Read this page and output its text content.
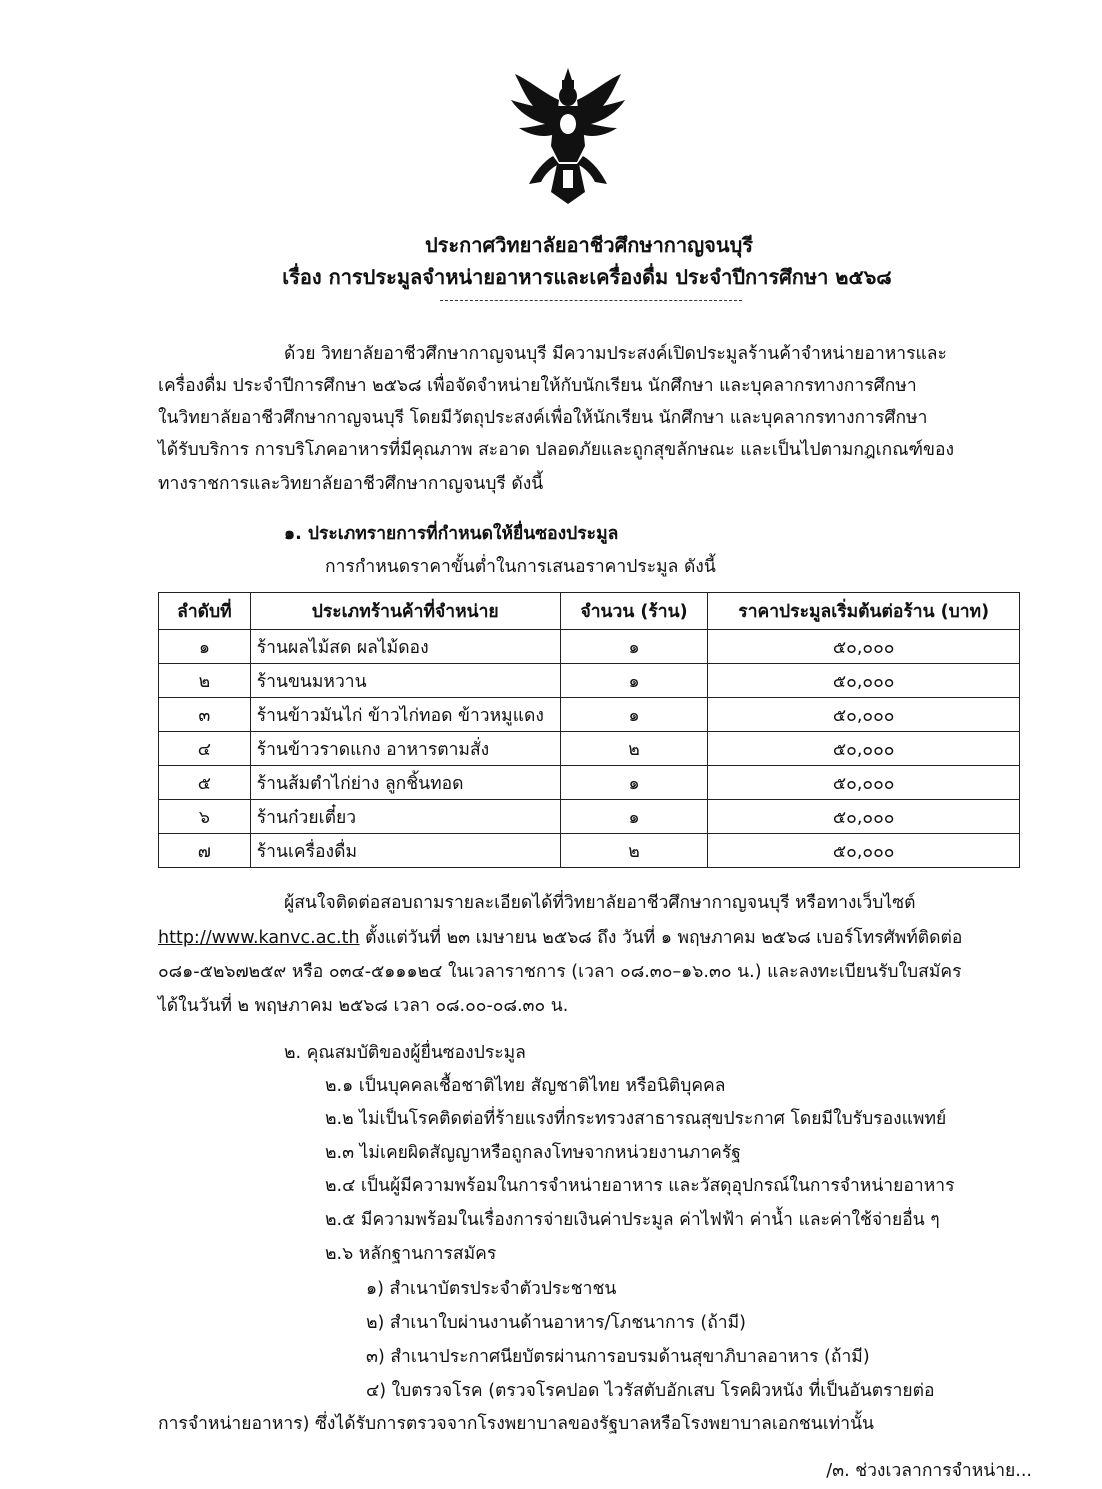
ประกาศวิทยาลัยอาชีวศึกษากาญจนบุรี
เรื่อง การประมูลจำหน่ายอาหารและเครื่องดื่ม ประจำปีการศึกษา ๒๕๖๘
ด้วย วิทยาลัยอาชีวศึกษากาญจนบุรี มีความประสงค์เปิดประมูลร้านค้าจำหน่ายอาหารและ
เครื่องดื่ม ประจำปีการศึกษา ๒๕๖๘ เพื่อจัดจำหน่ายให้กับนักเรียน นักศึกษา และบุคลากรทางการศึกษา
ในวิทยาลัยอาชีวศึกษากาญจนบุรี โดยมีวัตถุประสงค์เพื่อให้นักเรียน นักศึกษา และบุคลากรทางการศึกษา
ได้รับบริการ การบริโภคอาหารที่มีคุณภาพ สะอาด ปลอดภัยและถูกสุขลักษณะ และเป็นไปตามกฎเกณฑ์ของ
ทางราชการและวิทยาลัยอาชีวศึกษากาญจนบุรี ดังนี้
๑. ประเภทรายการที่กำหนดให้ยื่นซองประมูล
การกำหนดราคาขั้นต่ำในการเสนอราคาประมูล ดังนี้
ลำดับที่	ประเภทร้านค้าที่จำหน่าย	จำนวน (ร้าน)	ราคาประมูลเริ่มต้นต่อร้าน (บาท)
๑	ร้านผลไม้สด ผลไม้ดอง	๑	๕๐,๐๐๐
๒	ร้านขนมหวาน	๑	๕๐,๐๐๐
๓	ร้านข้าวมันไก่ ข้าวไก่ทอด ข้าวหมูแดง	๑	๕๐,๐๐๐
๔	ร้านข้าวราดแกง อาหารตามสั่ง	๒	๕๐,๐๐๐
๕	ร้านส้มตำไก่ย่าง ลูกชิ้นทอด	๑	๕๐,๐๐๐
๖	ร้านก๋วยเตี๋ยว	๑	๕๐,๐๐๐
๗	ร้านเครื่องดื่ม	๒	๕๐,๐๐๐
ผู้สนใจติดต่อสอบถามรายละเอียดได้ที่วิทยาลัยอาชีวศึกษากาญจนบุรี หรือทางเว็บไซต์
http://www.kanvc.ac.th ตั้งแต่วันที่ ๒๓ เมษายน ๒๕๖๘ ถึง วันที่ ๑ พฤษภาคม ๒๕๖๘ เบอร์โทรศัพท์ติดต่อ
๐๘๑-๕๒๖๗๒๕๙ หรือ ๐๓๔-๕๑๑๑๒๔ ในเวลาราชการ (เวลา ๐๘.๓๐–๑๖.๓๐ น.) และลงทะเบียนรับใบสมัคร
ได้ในวันที่ ๒ พฤษภาคม ๒๕๖๘ เวลา ๐๘.๐๐-๐๘.๓๐ น.
๒. คุณสมบัติของผู้ยื่นซองประมูล
๒.๑ เป็นบุคคลเชื้อชาติไทย สัญชาติไทย หรือนิติบุคคล
๒.๒ ไม่เป็นโรคติดต่อที่ร้ายแรงที่กระทรวงสาธารณสุขประกาศ โดยมีใบรับรองแพทย์
๒.๓ ไม่เคยผิดสัญญาหรือถูกลงโทษจากหน่วยงานภาครัฐ
๒.๔ เป็นผู้มีความพร้อมในการจำหน่ายอาหาร และวัสดุอุปกรณ์ในการจำหน่ายอาหาร
๒.๕ มีความพร้อมในเรื่องการจ่ายเงินค่าประมูล ค่าไฟฟ้า ค่าน้ำ และค่าใช้จ่ายอื่น ๆ
๒.๖ หลักฐานการสมัคร
๑) สำเนาบัตรประจำตัวประชาชน
๒) สำเนาใบผ่านงานด้านอาหาร/โภชนาการ (ถ้ามี)
๓) สำเนาประกาศนียบัตรผ่านการอบรมด้านสุขาภิบาลอาหาร (ถ้ามี)
๔) ใบตรวจโรค (ตรวจโรคปอด ไวรัสตับอักเสบ โรคผิวหนัง ที่เป็นอันตรายต่อ
การจำหน่ายอาหาร) ซึ่งได้รับการตรวจจากโรงพยาบาลของรัฐบาลหรือโรงพยาบาลเอกชนเท่านั้น
/๓. ช่วงเวลาการจำหน่าย...
